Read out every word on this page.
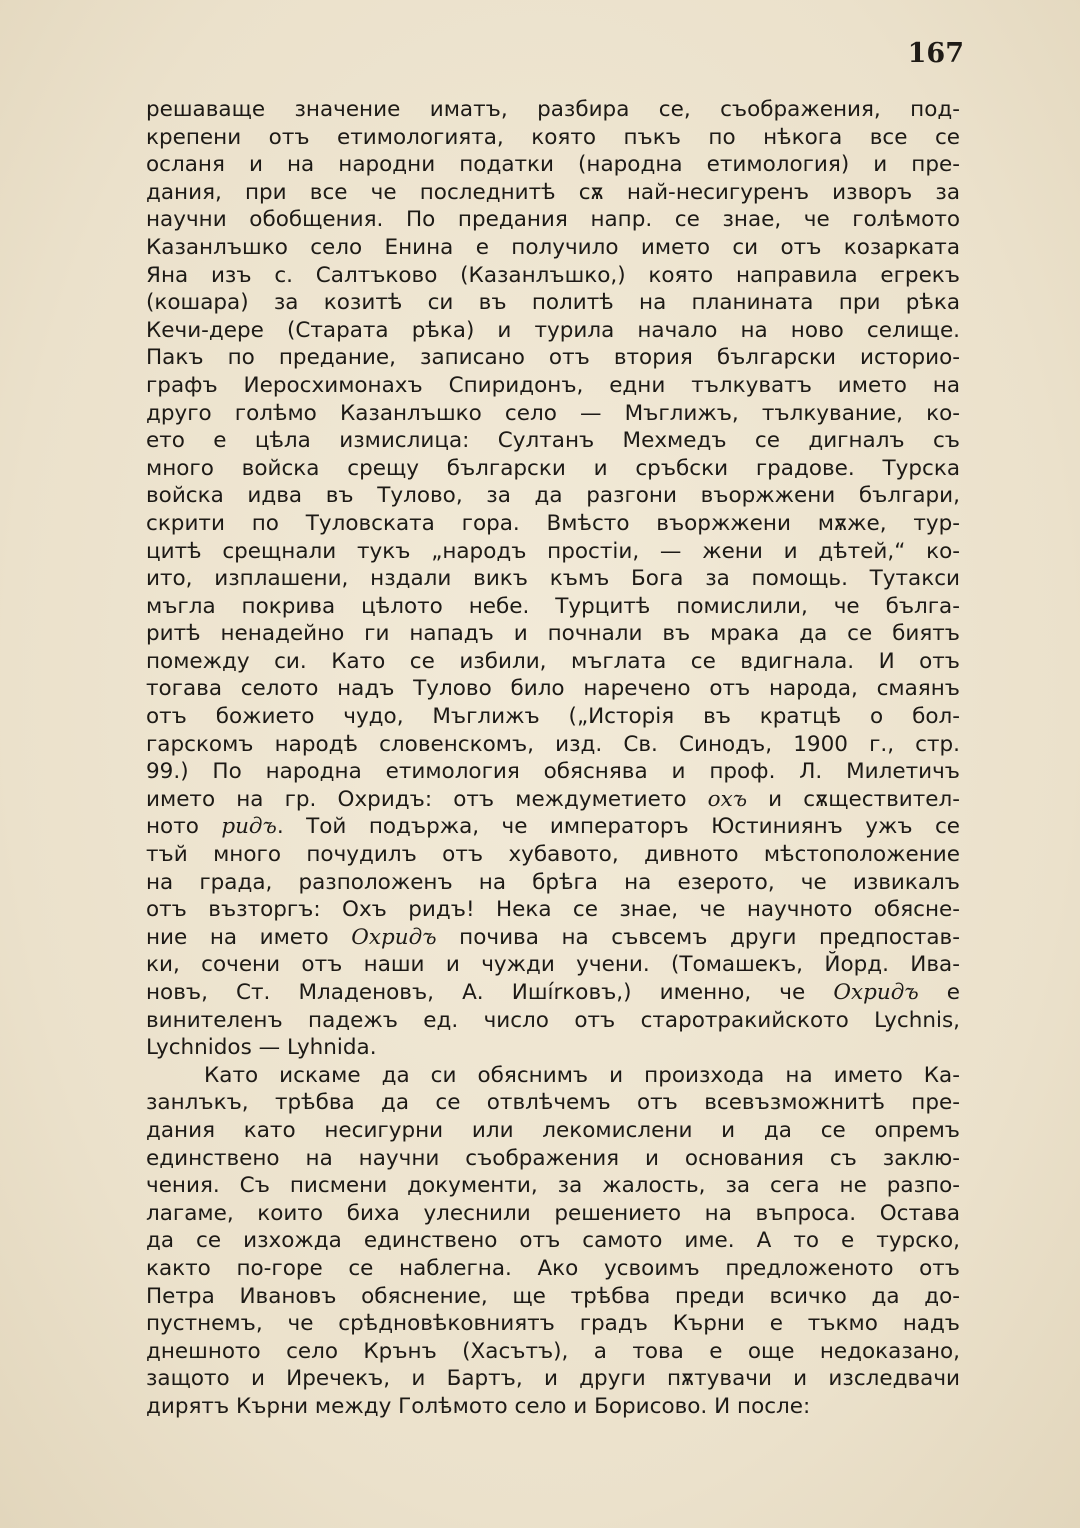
167
решаваще значение иматъ, разбира се, съображения, под-
крепени отъ етимологията, която пъкъ по нѣкога все се
осланя и на народни податки (народна етимология) и пре-
дания, при все че последнитѣ сѫ най-несигуренъ изворъ за
научни обобщения. По предания напр. се знае, че голѣмото
Казанлъшко село Енина е получило името си отъ козарката
Яна изъ с. Салтъково (Казанлъшко,) която направила егрекъ
(кошара) за козитѣ си въ политѣ на планината при рѣка
Кечи-дере (Старата рѣка) и турила начало на ново селище.
Пакъ по предание, записано отъ втория български историо-
графъ Иеросхимонахъ Спиридонъ, едни тълкуватъ името на
друго голѣмо Казанлъшко село — Мъглижъ, тълкувание, ко-
ето е цѣла измислица: Султанъ Мехмедъ се дигналъ съ
много войска срещу български и сръбски градове. Турска
войска идва въ Тулово, за да разгони въоржжени българи,
скрити по Туловската гора. Вмѣсто въоржжени мѫже, тур-
цитѣ срещнали тукъ „народъ простiи, — жени и дѣтей,“ ко-
ито, изплашени, нздали викъ къмъ Бога за помощь. Тутакси
мъгла покрива цѣлото небе. Турцитѣ помислили, че бълга-
ритѣ ненадейно ги нападъ и почнали въ мрака да се биятъ
помежду си. Като се избили, мъглата се вдигнала. И отъ
тогава селото надъ Тулово било наречено отъ народа, смаянъ
отъ божието чудо, Мъглижъ („Исторiя въ кратцѣ о бол-
гарскомъ народѣ словенскомъ, изд. Св. Синодъ, 1900 г., стр.
99.) По народна етимология обяснява и проф. Л. Милетичъ
името на гр. Охридъ: отъ междуметието охъ и сѫществител-
ното ридъ. Той подържа, че императоръ Юстиниянъ ужъ се
тъй много почудилъ отъ хубавото, дивното мѣстоположение
на града, разположенъ на брѣга на езерото, че извикалъ
отъ възторгъ: Охъ ридъ! Нека се знае, че научното обясне-
ние на името Охридъ почива на съвсемъ други предпостав-
ки, сочени отъ наши и чужди учени. (Томашекъ, Йорд. Ива-
новъ, Ст. Младеновъ, А. Ишírковъ,) именно, че Охридъ е
винителенъ падежъ ед. число отъ старотракийското Lychnis,
Lychnidos — Lyhnida.
Като искаме да си обяснимъ и произхода на името Ка-
занлъкъ, трѣбва да се отвлѣчемъ отъ всевъзможнитѣ пре-
дания като несигурни или лекомислени и да се опремъ
единствено на научни съображения и основания съ заклю-
чения. Съ писмени документи, за жалость, за сега не разпо-
лагаме, които биха улеснили решението на въпроса. Остава
да се изхожда единствено отъ самото име. А то е турско,
както по-горе се наблегна. Ако усвоимъ предложеното отъ
Петра Ивановъ обяснение, ще трѣбва преди всичко да до-
пустнемъ, че срѣдновѣковниятъ градъ Кърни е тъкмо надъ
днешното село Крънъ (Хасътъ), а това е още недоказано,
защото и Иречекъ, и Бартъ, и други пѫтувачи и изследвачи
дирятъ Кърни между Голѣмото село и Борисово. И после:
